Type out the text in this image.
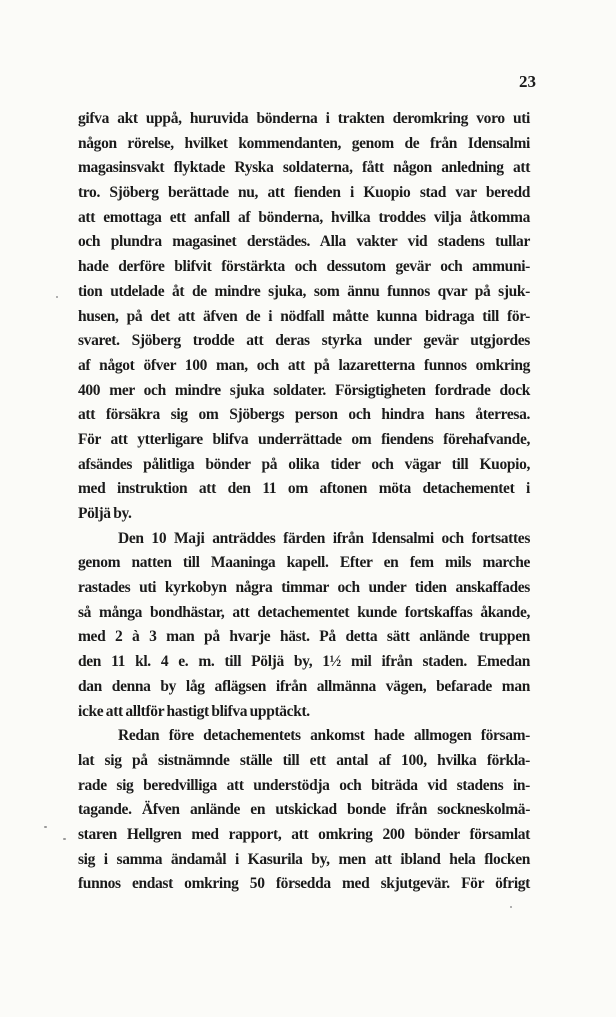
23
gifva akt uppå, huruvida bönderna i trakten deromkring voro uti
någon rörelse, hvilket kommendanten, genom de från Idensalmi
magasinsvakt flyktade Ryska soldaterna, fått någon anledning att
tro. Sjöberg berättade nu, att fienden i Kuopio stad var beredd
att emottaga ett anfall af bönderna, hvilka troddes vilja åtkomma
och plundra magasinet derstädes. Alla vakter vid stadens tullar
hade derföre blifvit förstärkta och dessutom gevär och ammuni-
tion utdelade åt de mindre sjuka, som ännu funnos qvar på sjuk-
husen, på det att äfven de i nödfall måtte kunna bidraga till för-
svaret. Sjöberg trodde att deras styrka under gevär utgjordes
af något öfver 100 man, och att på lazaretterna funnos omkring
400 mer och mindre sjuka soldater. Försigtigheten fordrade dock
att försäkra sig om Sjöbergs person och hindra hans återresa.
För att ytterligare blifva underrättade om fiendens förehafvande,
afsändes pålitliga bönder på olika tider och vägar till Kuopio,
med instruktion att den 11 om aftonen möta detachementet i
Pöljä by.
Den 10 Maji anträddes färden ifrån Idensalmi och fortsattes
genom natten till Maaninga kapell. Efter en fem mils marche
rastades uti kyrkobyn några timmar och under tiden anskaffades
så många bondhästar, att detachementet kunde fortskaffas åkande,
med 2 à 3 man på hvarje häst. På detta sätt anlände truppen
den 11 kl. 4 e. m. till Pöljä by, 1½ mil ifrån staden. Emedan
dan denna by låg aflägsen ifrån allmänna vägen, befarade man
icke att alltför hastigt blifva upptäckt.
Redan före detachementets ankomst hade allmogen försam-
lat sig på sistnämnde ställe till ett antal af 100, hvilka förkla-
rade sig beredvilliga att understödja och biträda vid stadens in-
tagande. Äfven anlände en utskickad bonde ifrån sockneskolmä-
staren Hellgren med rapport, att omkring 200 bönder församlat
sig i samma ändamål i Kasurila by, men att ibland hela flocken
funnos endast omkring 50 försedda med skjutgevär. För öfrigt
